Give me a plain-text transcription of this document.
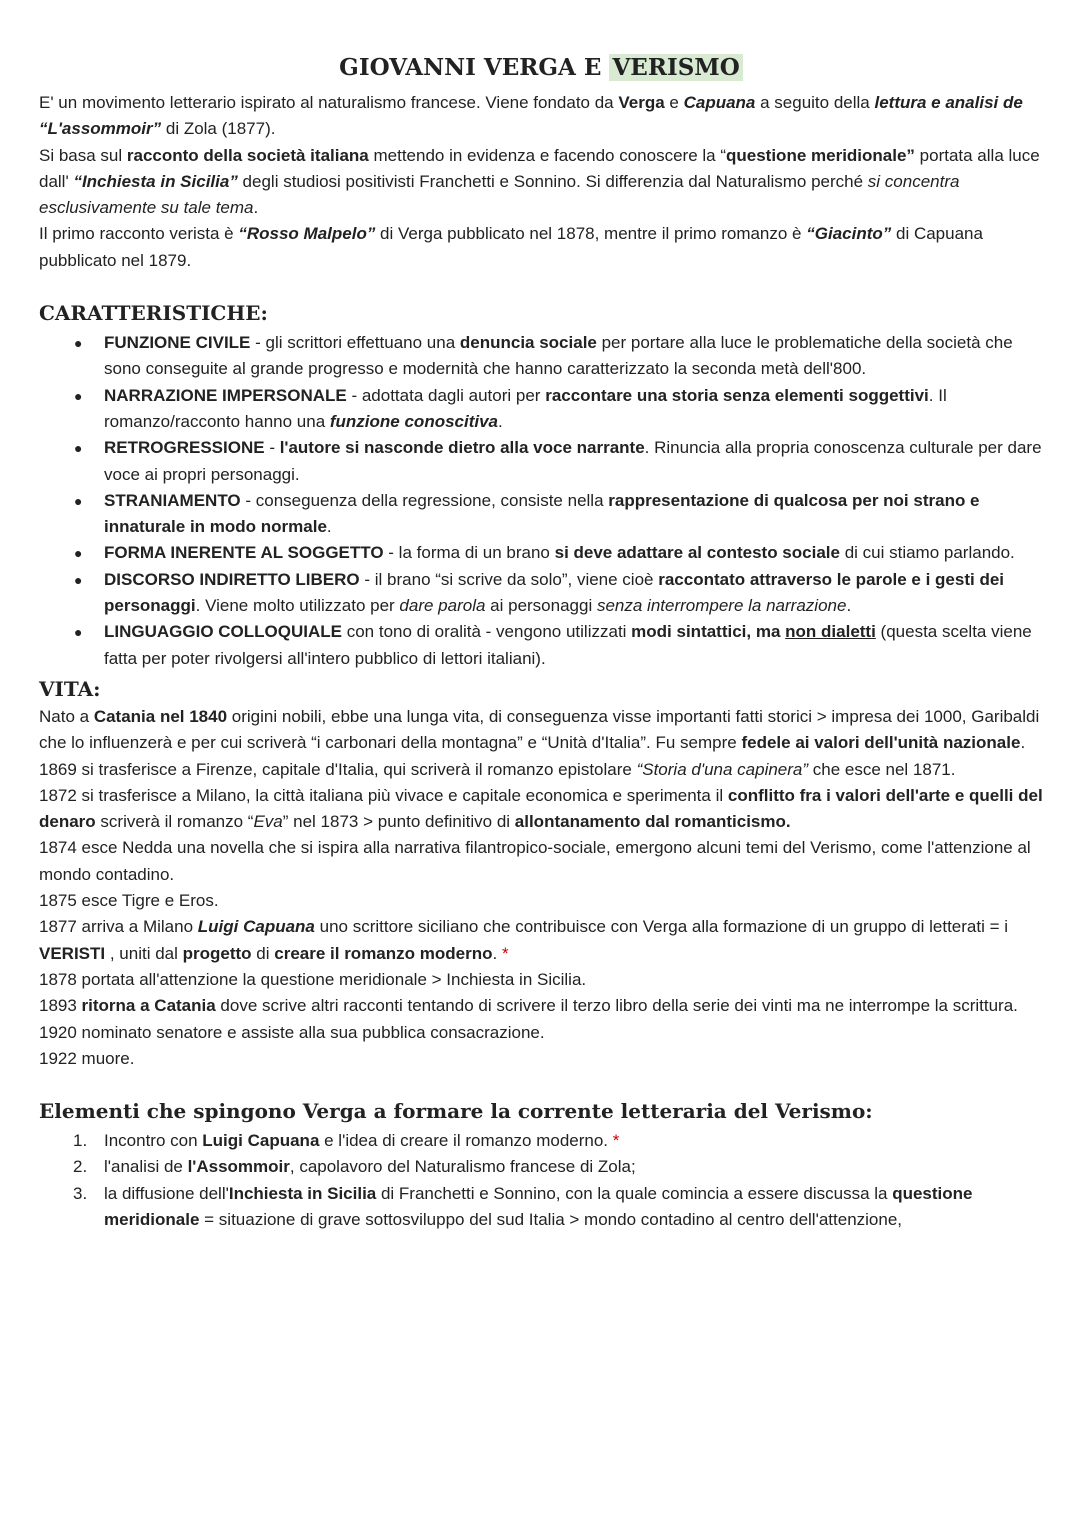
GIOVANNI VERGA E VERISMO

E' un movimento letterario ispirato al naturalismo francese. Viene fondato da Verga e Capuana a seguito della lettura e analisi de “L'assommoir” di Zola (1877).

Si basa sul racconto della società italiana mettendo in evidenza e facendo conoscere la “questione meridionale” portata alla luce dall' “Inchiesta in Sicilia” degli studiosi positivisti Franchetti e Sonnino. Si differenzia dal Naturalismo perché si concentra esclusivamente su tale tema.

Il primo racconto verista è “Rosso Malpelo” di Verga pubblicato nel 1878, mentre il primo romanzo è “Giacinto” di Capuana pubblicato nel 1879.

CARATTERISTICHE:
● FUNZIONE CIVILE - gli scrittori effettuano una denuncia sociale per portare alla luce le problematiche della società che sono conseguite al grande progresso e modernità che hanno caratterizzato la seconda metà dell'800.
● NARRAZIONE IMPERSONALE - adottata dagli autori per raccontare una storia senza elementi soggettivi. Il romanzo/racconto hanno una funzione conoscitiva.
● RETROGRESSIONE - l'autore si nasconde dietro alla voce narrante. Rinuncia alla propria conoscenza culturale per dare voce ai propri personaggi.
● STRANIAMENTO - conseguenza della regressione, consiste nella rappresentazione di qualcosa per noi strano e innaturale in modo normale.
● FORMA INERENTE AL SOGGETTO - la forma di un brano si deve adattare al contesto sociale di cui stiamo parlando.
● DISCORSO INDIRETTO LIBERO - il brano “si scrive da solo”, viene cioè raccontato attraverso le parole e i gesti dei personaggi. Viene molto utilizzato per dare parola ai personaggi senza interrompere la narrazione.
● LINGUAGGIO COLLOQUIALE con tono di oralità - vengono utilizzati modi sintattici, ma non dialetti (questa scelta viene fatta per poter rivolgersi all'intero pubblico di lettori italiani).
VITA:

Nato a Catania nel 1840 origini nobili, ebbe una lunga vita, di conseguenza visse importanti fatti storici > impresa dei 1000, Garibaldi che lo influenzerà e per cui scriverà “i carbonari della montagna” e “Unità d'Italia”. Fu sempre fedele ai valori dell'unità nazionale.

1869 si trasferisce a Firenze, capitale d'Italia, qui scriverà il romanzo epistolare “Storia d'una capinera” che esce nel 1871.

1872 si trasferisce a Milano, la città italiana più vivace e capitale economica e sperimenta il conflitto fra i valori dell'arte e quelli del denaro scriverà il romanzo “Eva” nel 1873 > punto definitivo di allontanamento dal romanticismo.

1874 esce Nedda una novella che si ispira alla narrativa filantropico-sociale, emergono alcuni temi del Verismo, come l'attenzione al mondo contadino.

1875 esce Tigre e Eros.

1877 arriva a Milano Luigi Capuana uno scrittore siciliano che contribuisce con Verga alla formazione di un gruppo di letterati = i VERISTI , uniti dal progetto di creare il romanzo moderno. *

1878 portata all'attenzione la questione meridionale > Inchiesta in Sicilia.

1893 ritorna a Catania dove scrive altri racconti tentando di scrivere il terzo libro della serie dei vinti ma ne interrompe la scrittura.

1920 nominato senatore e assiste alla sua pubblica consacrazione.

1922 muore.

Elementi che spingono Verga a formare la corrente letteraria del Verismo:
1. Incontro con Luigi Capuana e l'idea di creare il romanzo moderno. *
2. l'analisi de l'Assommoir, capolavoro del Naturalismo francese di Zola;
3. la diffusione dell'Inchiesta in Sicilia di Franchetti e Sonnino, con la quale comincia a essere discussa la questione meridionale = situazione di grave sottosviluppo del sud Italia > mondo contadino al centro dell'attenzione,
